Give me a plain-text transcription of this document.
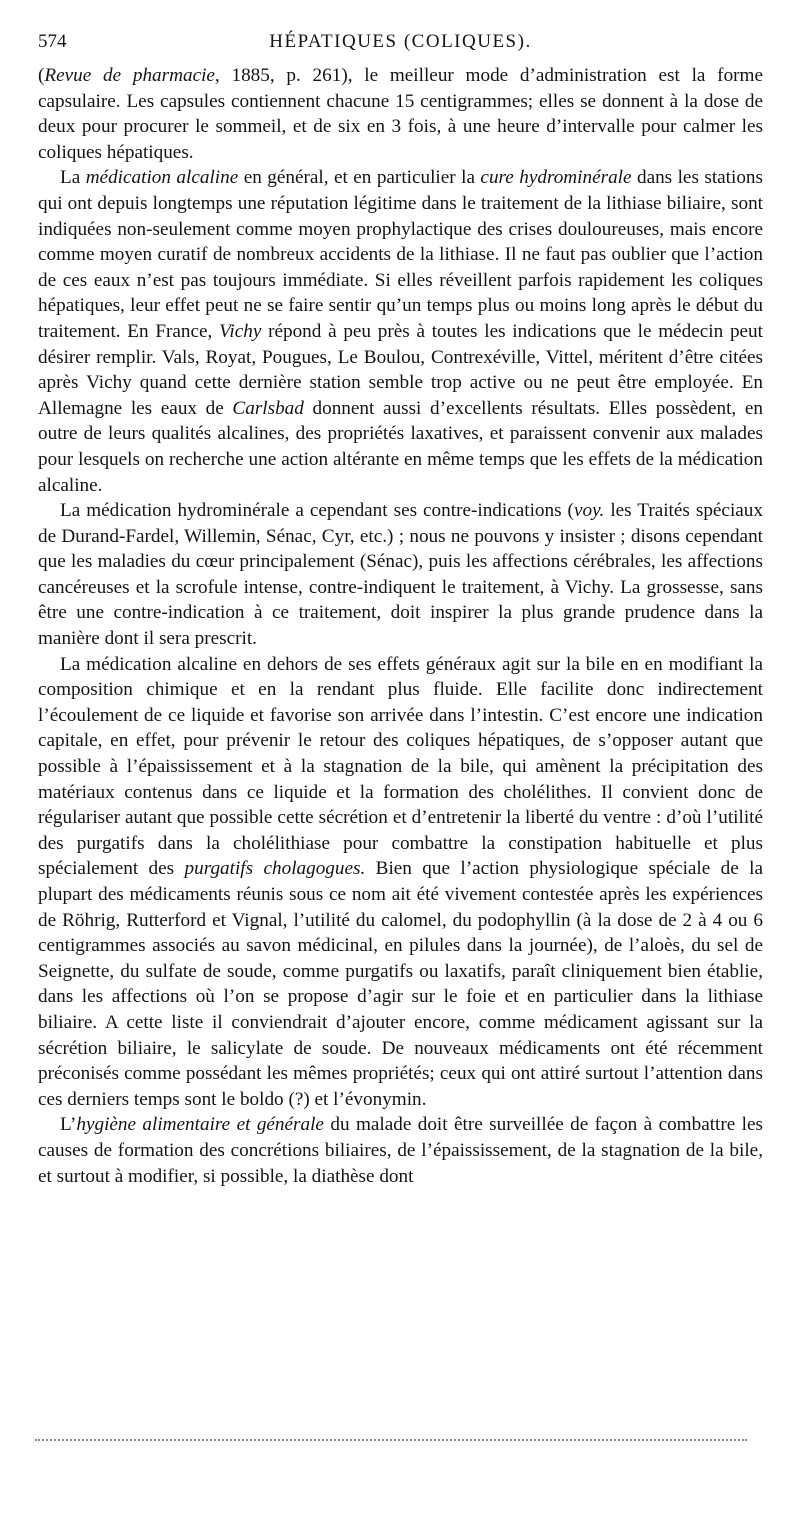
574	HÉPATIQUES (COLIQUES).

(Revue de pharmacie, 1885, p. 261), le meilleur mode d’administration est la forme capsulaire. Les capsules contiennent chacune 15 centigrammes; elles se donnent à la dose de deux pour procurer le sommeil, et de six en 3 fois, à une heure d’intervalle pour calmer les coliques hépatiques.

La médication alcaline en général, et en particulier la cure hydrominérale dans les stations qui ont depuis longtemps une réputation légitime dans le traitement de la lithiase biliaire, sont indiquées non-seulement comme moyen prophylactique des crises douloureuses, mais encore comme moyen curatif de nombreux accidents de la lithiase. Il ne faut pas oublier que l’action de ces eaux n’est pas toujours immédiate. Si elles réveillent parfois rapidement les coliques hépatiques, leur effet peut ne se faire sentir qu’un temps plus ou moins long après le début du traitement. En France, Vichy répond à peu près à toutes les indications que le médecin peut désirer remplir. Vals, Royat, Pougues, Le Boulou, Contrexéville, Vittel, méritent d’être citées après Vichy quand cette dernière station semble trop active ou ne peut être employée. En Allemagne les eaux de Carlsbad donnent aussi d’excellents résultats. Elles possèdent, en outre de leurs qualités alcalines, des propriétés laxatives, et paraissent convenir aux malades pour lesquels on recherche une action altérante en même temps que les effets de la médication alcaline.

La médication hydrominérale a cependant ses contre-indications (voy. les Traités spéciaux de Durand-Fardel, Willemin, Sénac, Cyr, etc.) ; nous ne pouvons y insister ; disons cependant que les maladies du cœur principalement (Sénac), puis les affections cérébrales, les affections cancéreuses et la scrofule intense, contre-indiquent le traitement, à Vichy. La grossesse, sans être une contre-indication à ce traitement, doit inspirer la plus grande prudence dans la manière dont il sera prescrit.

La médication alcaline en dehors de ses effets généraux agit sur la bile en en modifiant la composition chimique et en la rendant plus fluide. Elle facilite donc indirectement l’écoulement de ce liquide et favorise son arrivée dans l’intestin. C’est encore une indication capitale, en effet, pour prévenir le retour des coliques hépatiques, de s’opposer autant que possible à l’épaississement et à la stagnation de la bile, qui amènent la précipitation des matériaux contenus dans ce liquide et la formation des cholélithes. Il convient donc de régulariser autant que possible cette sécrétion et d’entretenir la liberté du ventre : d’où l’utilité des purgatifs dans la cholélithiase pour combattre la constipation habituelle et plus spécialement des purgatifs cholagogues. Bien que l’action physiologique spéciale de la plupart des médicaments réunis sous ce nom ait été vivement contestée après les expériences de Röhrig, Rutterford et Vignal, l’utilité du calomel, du podophyllin (à la dose de 2 à 4 ou 6 centigrammes associés au savon médicinal, en pilules dans la journée), de l’aloès, du sel de Seignette, du sulfate de soude, comme purgatifs ou laxatifs, paraît cliniquement bien établie, dans les affections où l’on se propose d’agir sur le foie et en particulier dans la lithiase biliaire. A cette liste il conviendrait d’ajouter encore, comme médicament agissant sur la sécrétion biliaire, le salicylate de soude. De nouveaux médicaments ont été récemment préconisés comme possédant les mêmes propriétés; ceux qui ont attiré surtout l’attention dans ces derniers temps sont le boldo (?) et l’évonymin.

L’hygiène alimentaire et générale du malade doit être surveillée de façon à combattre les causes de formation des concrétions biliaires, de l’épaississement, de la stagnation de la bile, et surtout à modifier, si possible, la diathèse dont
